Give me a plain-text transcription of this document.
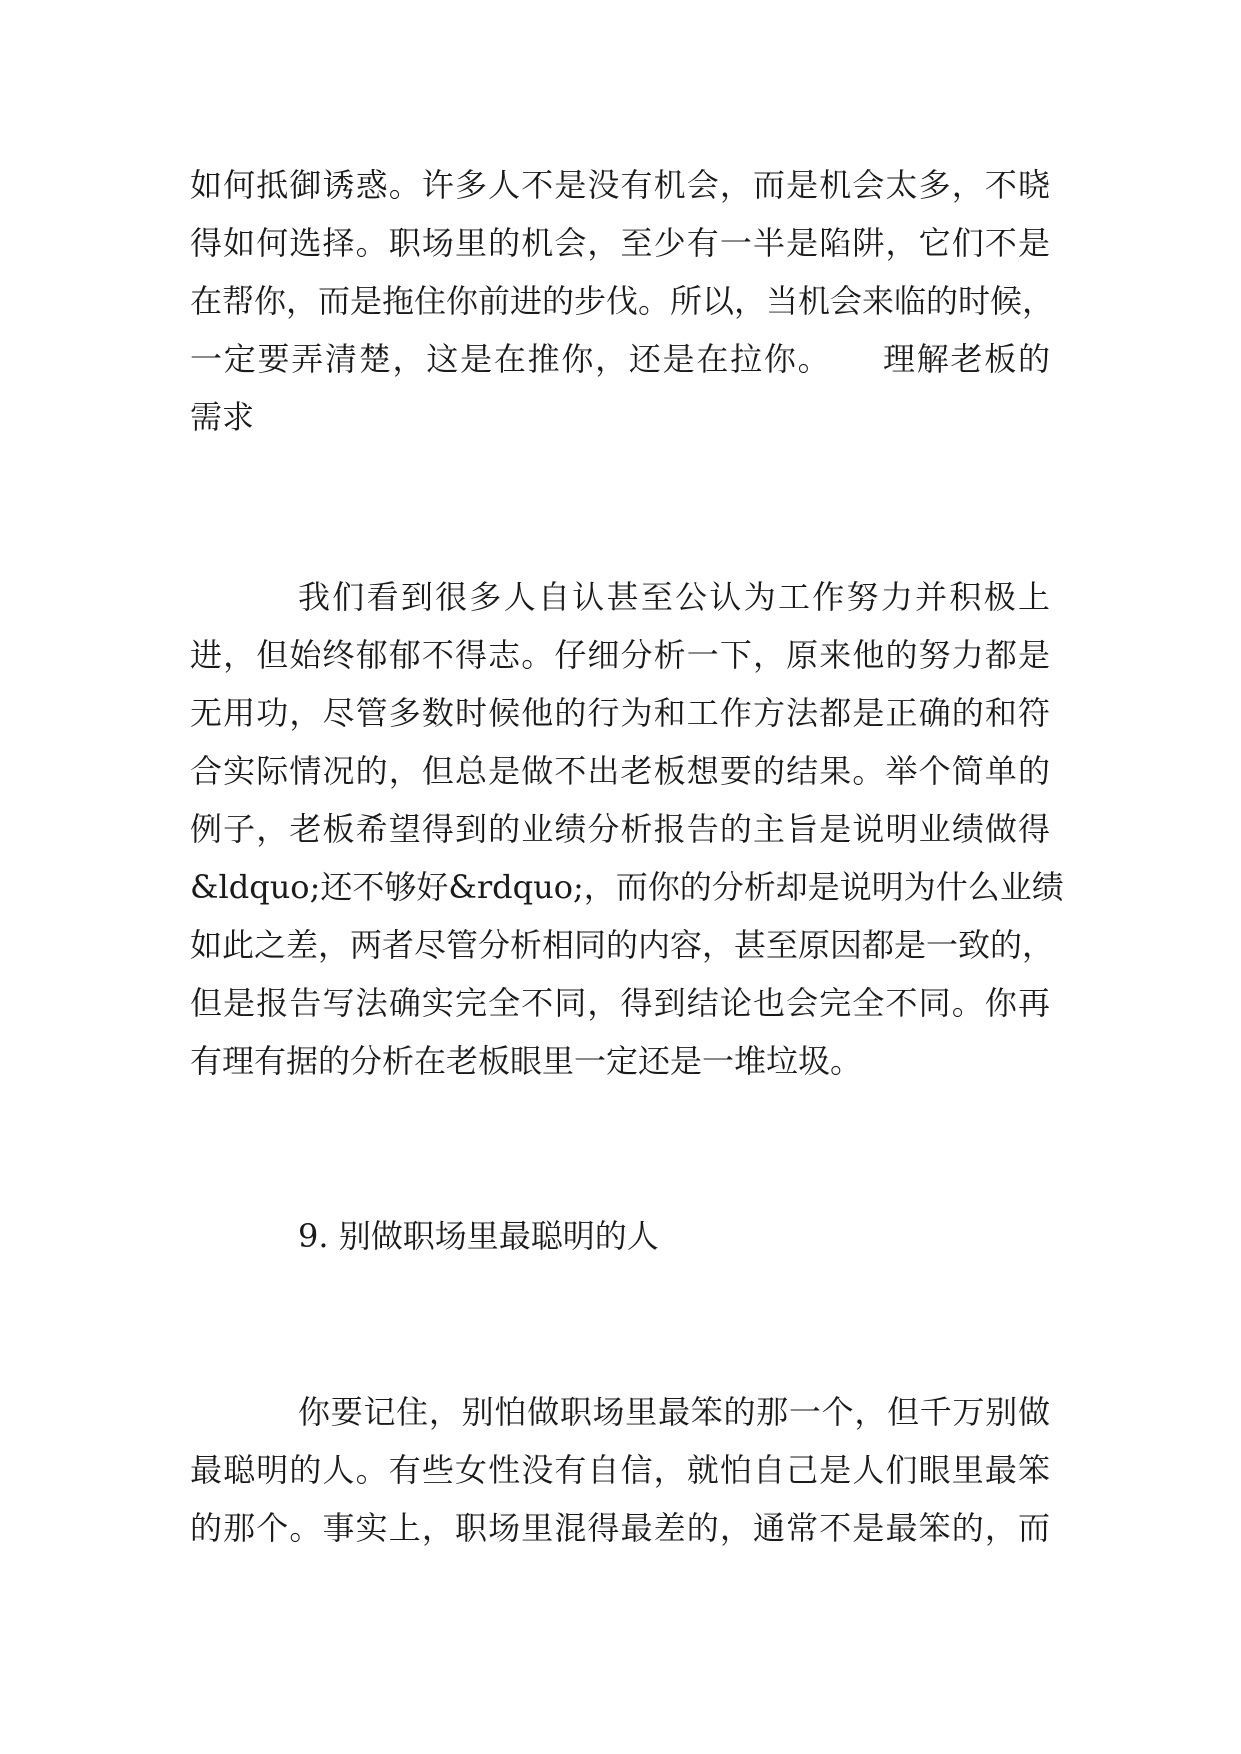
如何抵御诱惑。许多人不是没有机会，而是机会太多，不晓
得如何选择。职场里的机会，至少有一半是陷阱，它们不是
在帮你，而是拖住你前进的步伐。所以，当机会来临的时候，
一定要弄清楚，这是在推你，还是在拉你。　　理解老板的
需求
我们看到很多人自认甚至公认为工作努力并积极上
进，但始终郁郁不得志。仔细分析一下，原来他的努力都是
无用功，尽管多数时候他的行为和工作方法都是正确的和符
合实际情况的，但总是做不出老板想要的结果。举个简单的
例子，老板希望得到的业绩分析报告的主旨是说明业绩做得
&ldquo;还不够好&rdquo;，而你的分析却是说明为什么业绩
如此之差，两者尽管分析相同的内容，甚至原因都是一致的，
但是报告写法确实完全不同，得到结论也会完全不同。你再
有理有据的分析在老板眼里一定还是一堆垃圾。
9. 别做职场里最聪明的人
你要记住，别怕做职场里最笨的那一个，但千万别做
最聪明的人。有些女性没有自信，就怕自己是人们眼里最笨
的那个。事实上，职场里混得最差的，通常不是最笨的，而
